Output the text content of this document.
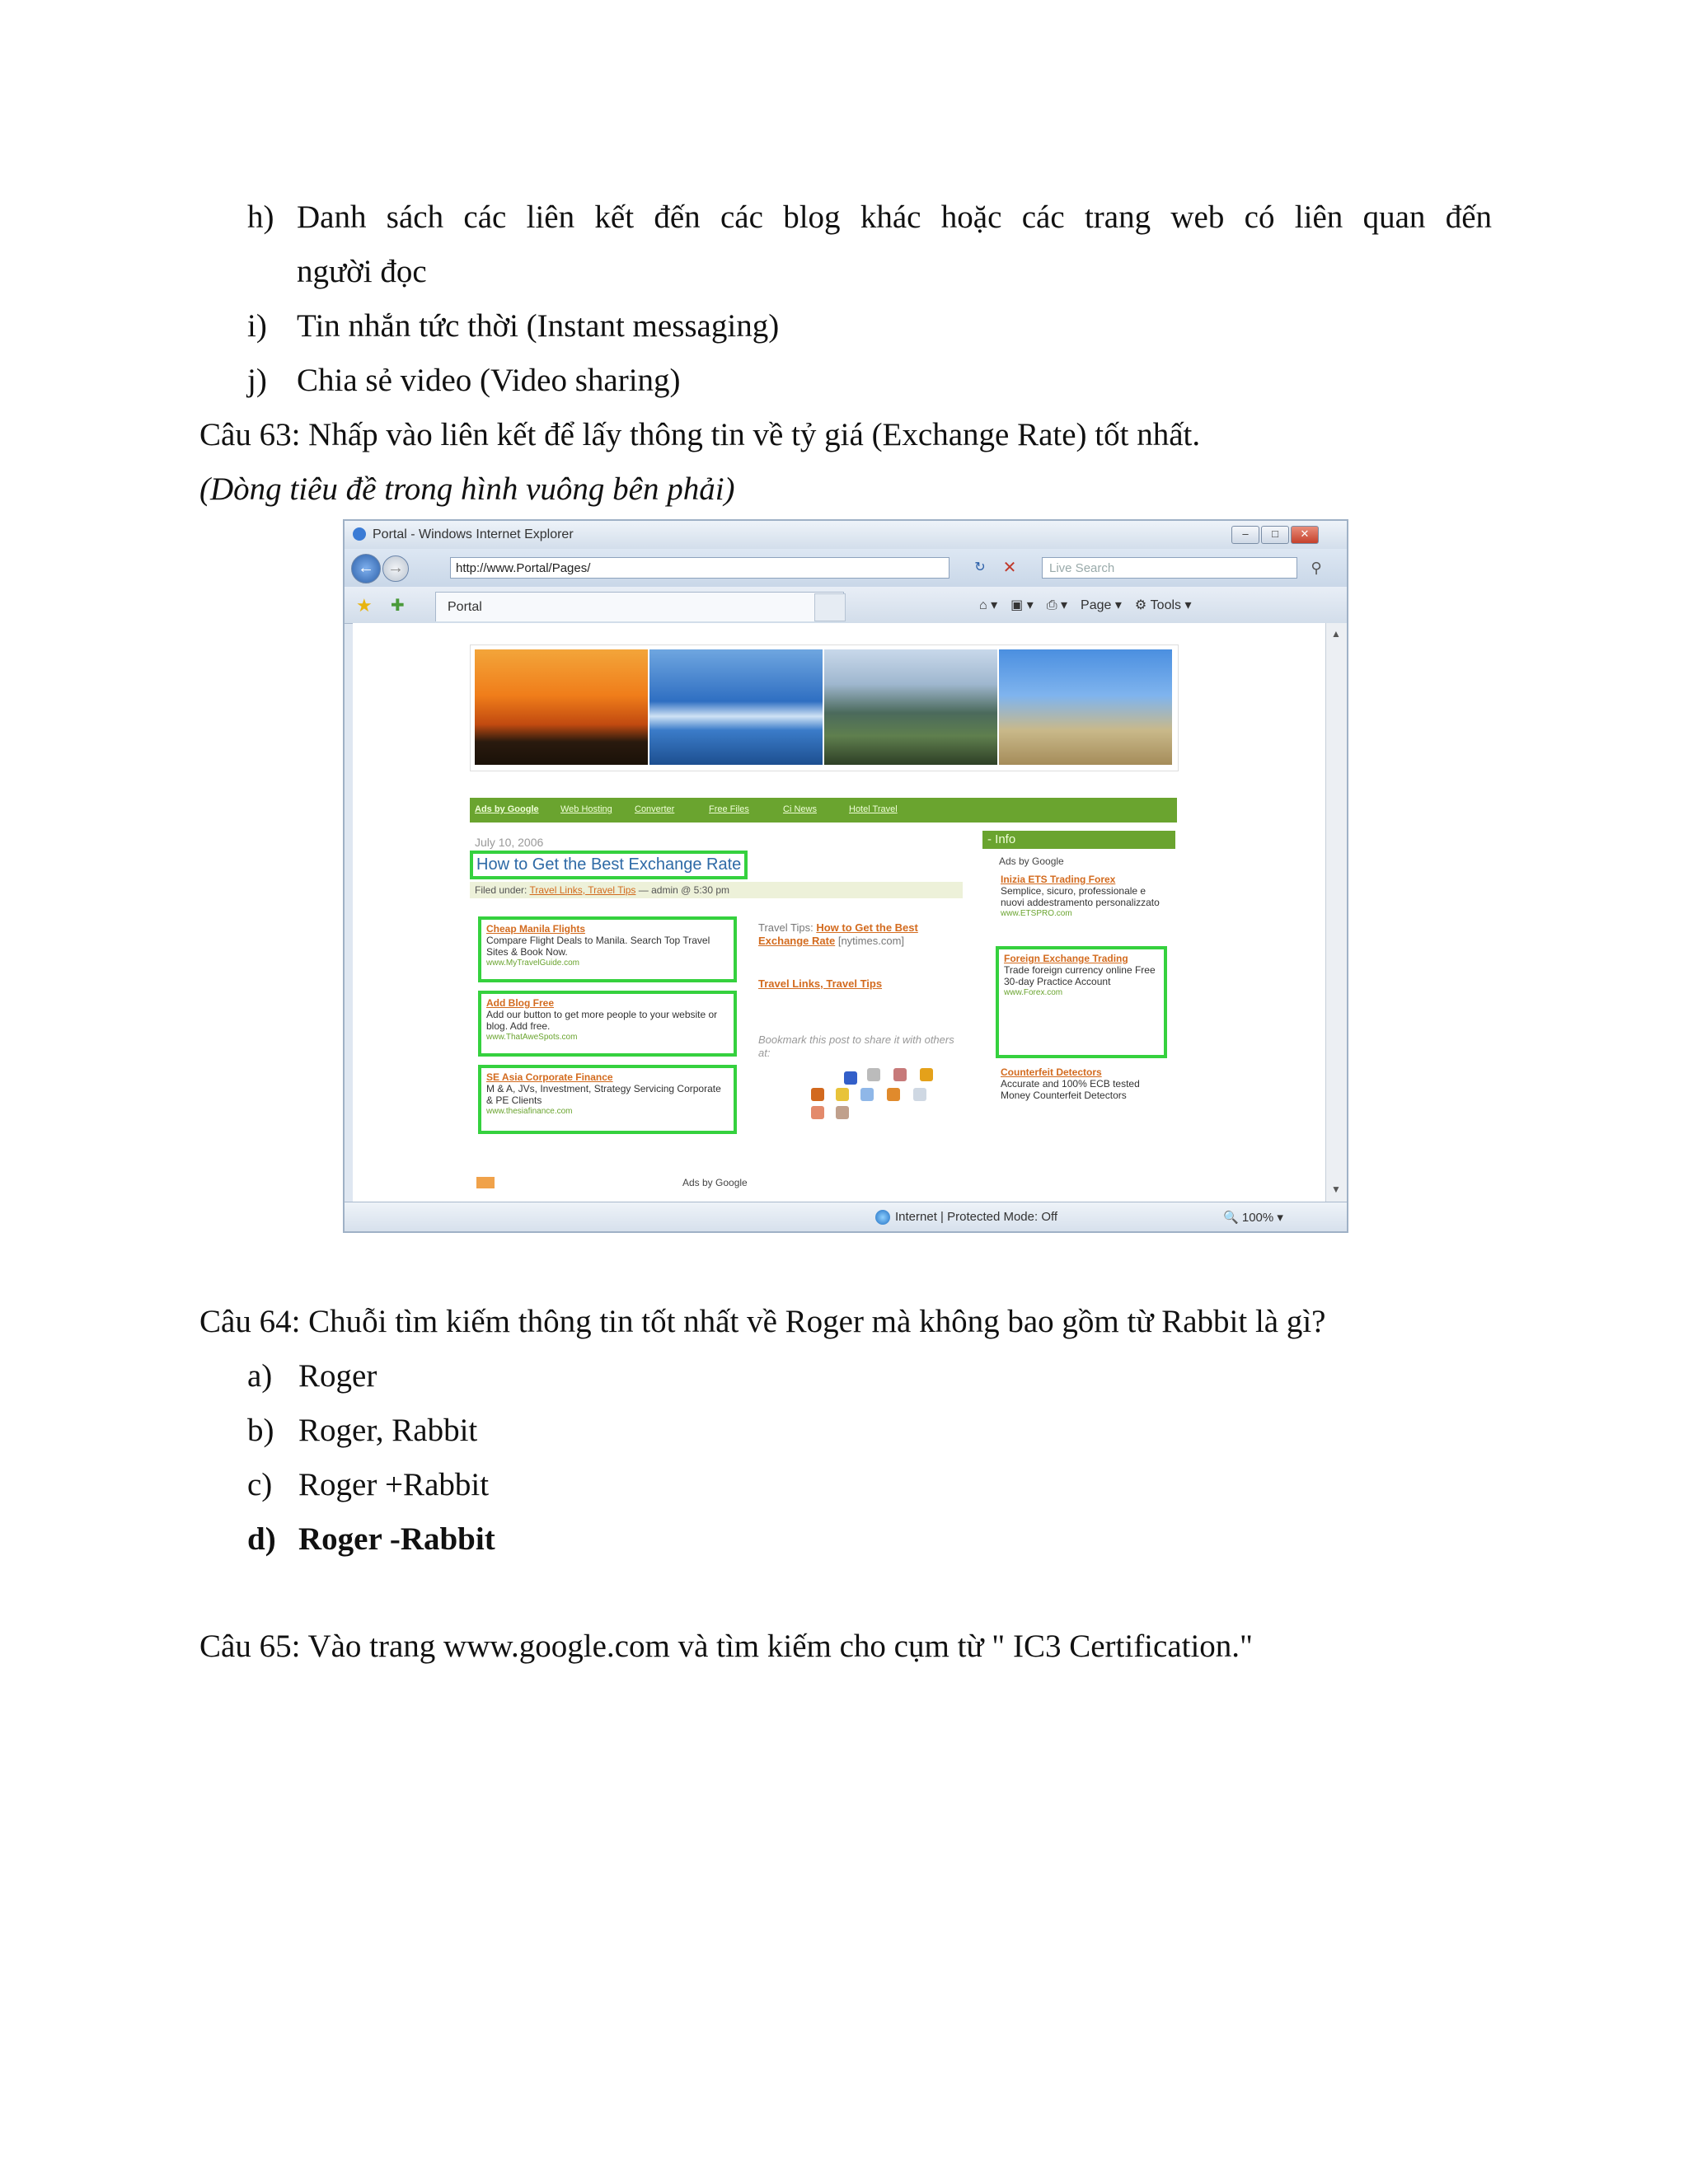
h) Danh sách các liên kết đến các blog khác hoặc các trang web có liên quan đến
người đọc
i) Tin nhắn tức thời (Instant messaging)
j) Chia sẻ video (Video sharing)
Câu 63: Nhấp vào liên kết để lấy thông tin về tỷ giá (Exchange Rate) tốt nhất.
(Dòng tiêu đề trong hình vuông bên phải)
Portal - Windows Internet Explorer	–	□	✕
← →	http://www.Portal/Pages/	↻	✕	Live Search	⚲
★ ✚	Portal	⌂ ▾ ▣ ▾ ⎙ ▾ Page ▾ ⚙ Tools ▾
Ads by Google Web Hosting Converter	Free Files	Ci News	Hotel Travel
July 10, 2006
How to Get the Best Exchange Rate
Filed under: Travel Links, Travel Tips — admin @ 5:30 pm
Cheap Manila Flights
Compare Flight Deals to Manila. Search Top Travel Sites & Book Now.
www.MyTravelGuide.com
Add Blog Free
Add our button to get more people to your website or blog. Add free.
www.ThatAweSpots.com
SE Asia Corporate Finance
M & A, JVs, Investment, Strategy Servicing Corporate & PE Clients
www.thesiafinance.com
Ads by Google
Travel Tips: How to Get the Best Exchange Rate [nytimes.com]
Travel Links, Travel Tips
Bookmark this post to share it with others at:
- Info
Ads by Google
Inizia ETS Trading Forex
Semplice, sicuro, professionale e nuovi addestramento personalizzato
www.ETSPRO.com
Foreign Exchange Trading
Trade foreign currency online Free 30-day Practice Account
www.Forex.com
Counterfeit Detectors
Accurate and 100% ECB tested Money Counterfeit Detectors
▲
▼
Internet | Protected Mode: Off	🔍 100% ▾
Câu 64: Chuỗi tìm kiếm thông tin tốt nhất về Roger mà không bao gồm từ Rabbit là gì?
a) Roger
b) Roger, Rabbit
c) Roger +Rabbit
d) Roger -Rabbit
Câu 65: Vào trang www.google.com và tìm kiếm cho cụm từ " IC3 Certification."
